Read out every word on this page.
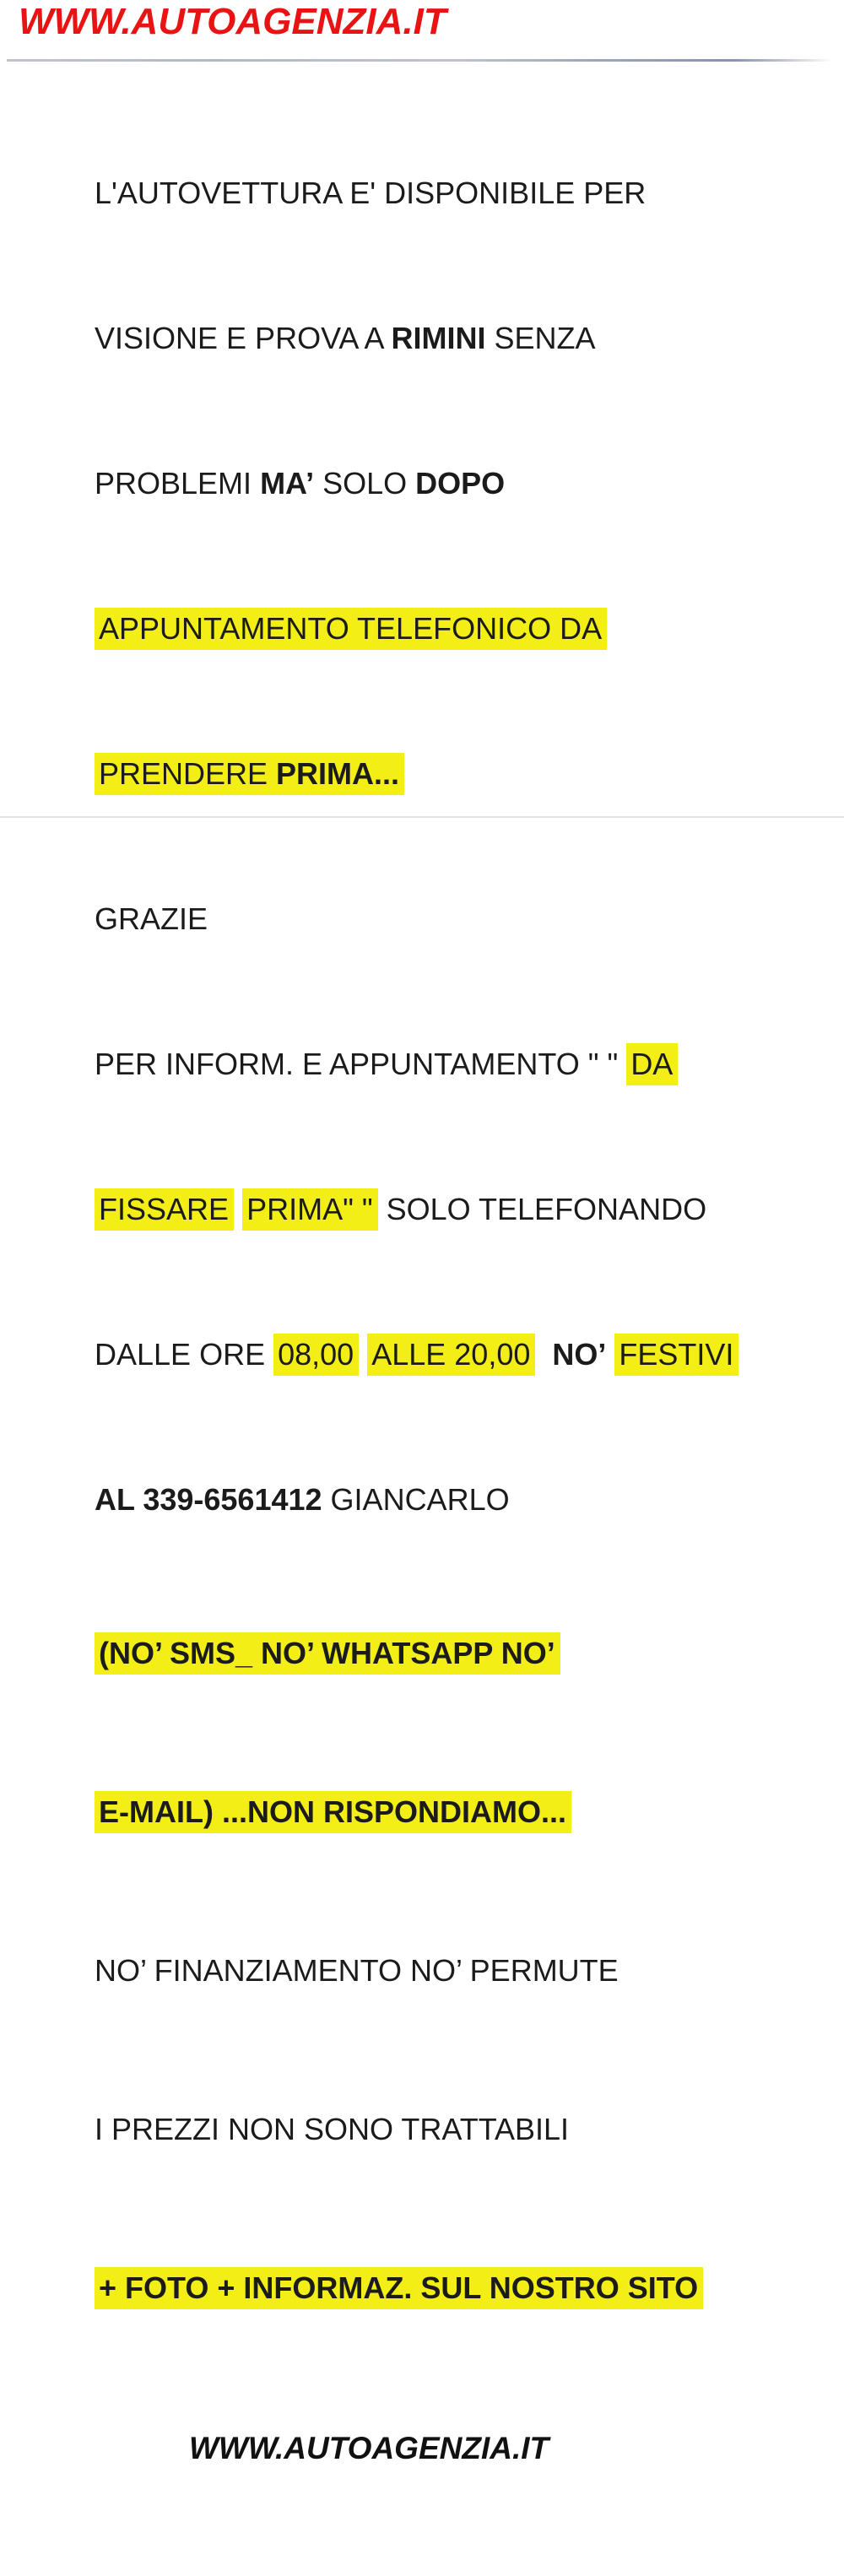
WWW.AUTOAGENZIA.IT

L'AUTOVETTURA E' DISPONIBILE PER

VISIONE E PROVA A RIMINI SENZA

PROBLEMI MA’ SOLO DOPO

APPUNTAMENTO TELEFONICO DA

PRENDERE PRIMA...

GRAZIE

PER INFORM. E APPUNTAMENTO " " DA

FISSARE PRIMA" " SOLO TELEFONANDO

DALLE ORE 08,00 ALLE 20,00 NO’ FESTIVI

AL 339-6561412 GIANCARLO

(NO’ SMS_ NO’ WHATSAPP NO’

E-MAIL) ...NON RISPONDIAMO...

NO’ FINANZIAMENTO NO’ PERMUTE

I PREZZI NON SONO TRATTABILI

+ FOTO + INFORMAZ. SUL NOSTRO SITO

WWW.AUTOAGENZIA.IT
